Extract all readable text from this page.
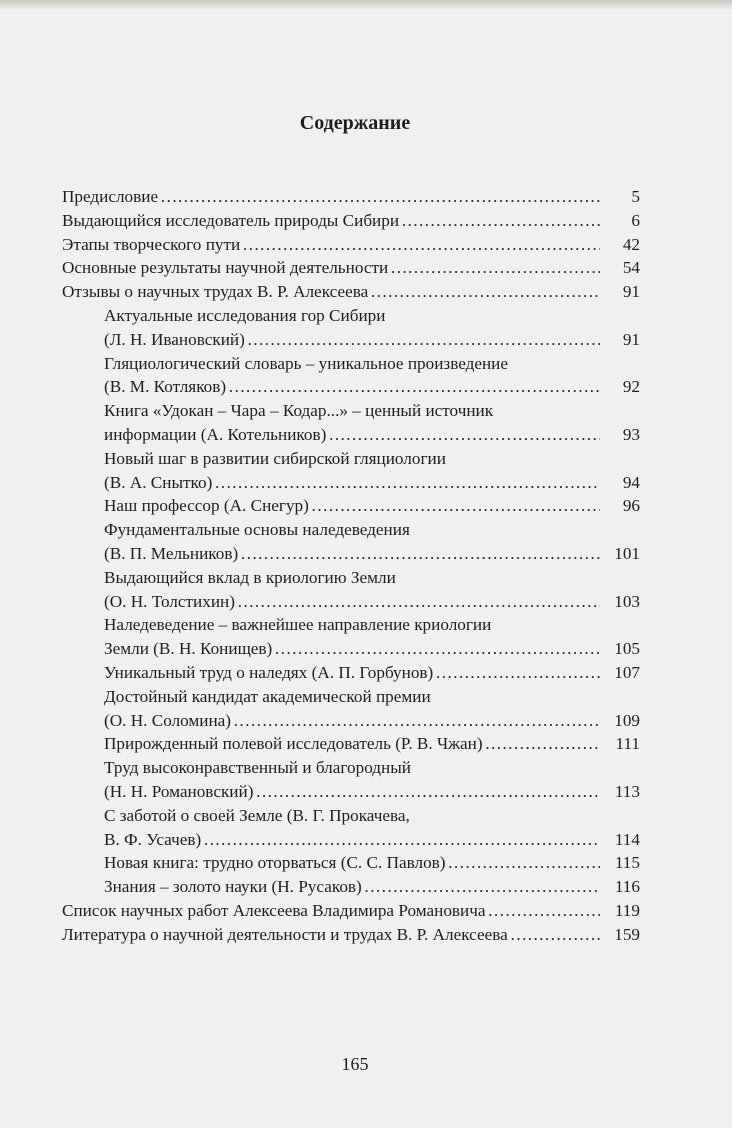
Содержание
Предисловие ………………………………………………………………………………………………………………………………………………	5
Выдающийся исследователь природы Сибири ………………………………………………………………………………………………………………………………………………	6
Этапы творческого пути ………………………………………………………………………………………………………………………………………………	42
Основные результаты научной деятельности ………………………………………………………………………………………………………………………………………………	54
Отзывы о научных трудах В. Р. Алексеева ………………………………………………………………………………………………………………………………………………	91
Актуальные исследования гор Сибири
(Л. Н. Ивановский) ………………………………………………………………………………………………………………………………………………	91
Гляциологический словарь – уникальное произведение
(В. М. Котляков) ………………………………………………………………………………………………………………………………………………	92
Книга «Удокан – Чара – Кодар...» – ценный источник
информации (А. Котельников) ………………………………………………………………………………………………………………………………………………	93
Новый шаг в развитии сибирской гляциологии
(В. А. Снытко) ………………………………………………………………………………………………………………………………………………	94
Наш профессор (А. Снегур) ………………………………………………………………………………………………………………………………………………	96
Фундаментальные основы наледеведения
(В. П. Мельников) ………………………………………………………………………………………………………………………………………………	101
Выдающийся вклад в криологию Земли
(О. Н. Толстихин) ………………………………………………………………………………………………………………………………………………	103
Наледеведение – важнейшее направление криологии
Земли (В. Н. Конищев) ………………………………………………………………………………………………………………………………………………	105
Уникальный труд о наледях (А. П. Горбунов) ………………………………………………………………………………………………………………………………………………	107
Достойный кандидат академической премии
(О. Н. Соломина) ………………………………………………………………………………………………………………………………………………	109
Прирожденный полевой исследователь (Р. В. Чжан) ………………………………………………………………………………………………………………………………………………	111
Труд высоконравственный и благородный
(Н. Н. Романовский) ………………………………………………………………………………………………………………………………………………	113
С заботой о своей Земле (В. Г. Прокачева,
В. Ф. Усачев) ………………………………………………………………………………………………………………………………………………	114
Новая книга: трудно оторваться (С. С. Павлов) ………………………………………………………………………………………………………………………………………………	115
Знания – золото науки (Н. Русаков) ………………………………………………………………………………………………………………………………………………	116
Список научных работ Алексеева Владимира Романовича ………………………………………………………………………………………………………………………………………………	119
Литература о научной деятельности и трудах В. Р. Алексеева ………………………………………………………………………………………………………………………………………………	159
165
